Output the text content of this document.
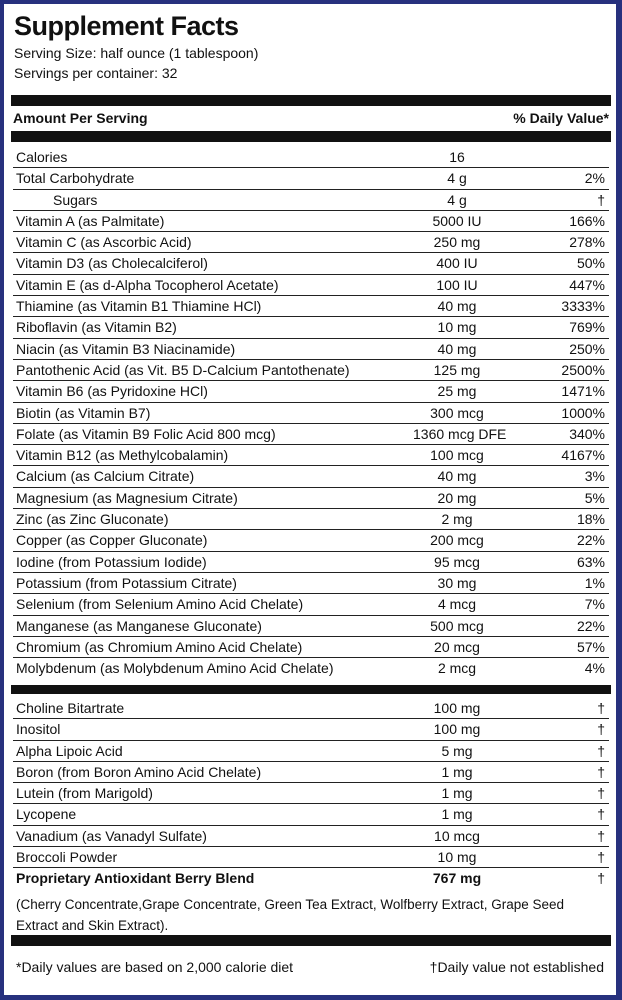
Supplement Facts
Serving Size: half ounce (1 tablespoon)
Servings per container: 32
Amount Per Serving	% Daily Value*
Calories	16
Total Carbohydrate	4 g	2%
Sugars	4 g	†
Vitamin A (as Palmitate)	5000 IU	166%
Vitamin C (as Ascorbic Acid)	250 mg	278%
Vitamin D3 (as Cholecalciferol)	400 IU	50%
Vitamin E (as d-Alpha Tocopherol Acetate)	100 IU	447%
Thiamine (as Vitamin B1 Thiamine HCl)	40 mg	3333%
Riboflavin (as Vitamin B2)	10 mg	769%
Niacin (as Vitamin B3 Niacinamide)	40 mg	250%
Pantothenic Acid (as Vit. B5 D-Calcium Pantothenate)	125 mg	2500%
Vitamin B6 (as Pyridoxine HCl)	25 mg	1471%
Biotin (as Vitamin B7)	300 mcg	1000%
Folate (as Vitamin B9 Folic Acid 800 mcg)	1360 mcg DFE	340%
Vitamin B12 (as Methylcobalamin)	100 mcg	4167%
Calcium (as Calcium Citrate)	40 mg	3%
Magnesium (as Magnesium Citrate)	20 mg	5%
Zinc (as Zinc Gluconate)	2 mg	18%
Copper (as Copper Gluconate)	200 mcg	22%
Iodine (from Potassium Iodide)	95 mcg	63%
Potassium (from Potassium Citrate)	30 mg	1%
Selenium (from Selenium Amino Acid Chelate)	4 mcg	7%
Manganese (as Manganese Gluconate)	500 mcg	22%
Chromium (as Chromium Amino Acid Chelate)	20 mcg	57%
Molybdenum (as Molybdenum Amino Acid Chelate)	2 mcg	4%
Choline Bitartrate	100 mg	†
Inositol	100 mg	†
Alpha Lipoic Acid	5 mg	†
Boron (from Boron Amino Acid Chelate)	1 mg	†
Lutein (from Marigold)	1 mg	†
Lycopene	1 mg	†
Vanadium (as Vanadyl Sulfate)	10 mcg	†
Broccoli Powder	10 mg	†
Proprietary Antioxidant Berry Blend	767 mg	†
(Cherry Concentrate,Grape Concentrate, Green Tea Extract, Wolfberry Extract, Grape Seed Extract and Skin Extract).
*Daily values are based on 2,000 calorie diet	†Daily value not established
